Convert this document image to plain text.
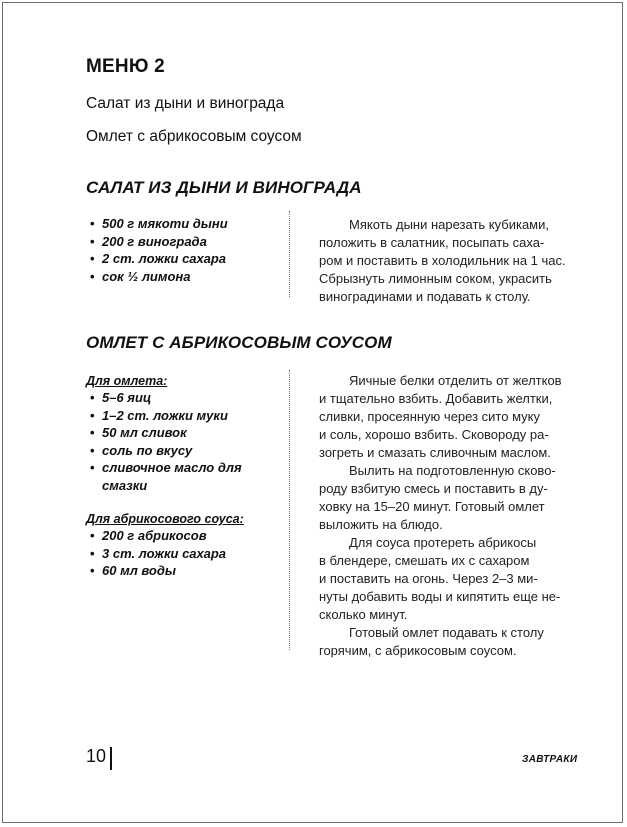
МЕНЮ 2
Салат из дыни и винограда
Омлет с абрикосовым соусом
САЛАТ ИЗ ДЫНИ И ВИНОГРАДА
• 500 г мякоти дыни
• 200 г винограда
• 2 ст. ложки сахара
• сок ½ лимона

Мякоть дыни нарезать кубиками,
положить в салатник, посыпать саха-
ром и поставить в холодильник на 1 час.
Сбрызнуть лимонным соком, украсить
виноградинами и подавать к столу.

ОМЛЕТ С АБРИКОСОВЫМ СОУСОМ
Для омлета:
• 5–6 яиц
• 1–2 ст. ложки муки
• 50 мл сливок
• соль по вкусу
• сливочное масло для
смазки
Для абрикосового соуса:
• 200 г абрикосов
• 3 ст. ложки сахара
• 60 мл воды

Яичные белки отделить от желтков
и тщательно взбить. Добавить желтки,
сливки, просеянную через сито муку
и соль, хорошо взбить. Сковороду ра-
зогреть и смазать сливочным маслом.

Вылить на подготовленную сково-
роду взбитую смесь и поставить в ду-
ховку на 15–20 минут. Готовый омлет
выложить на блюдо.

Для соуса протереть абрикосы
в блендере, смешать их с сахаром
и поставить на огонь. Через 2–3 ми-
нуты добавить воды и кипятить еще не-
сколько минут.

Готовый омлет подавать к столу
горячим, с абрикосовым соусом.

10	ЗАВТРАКИ
